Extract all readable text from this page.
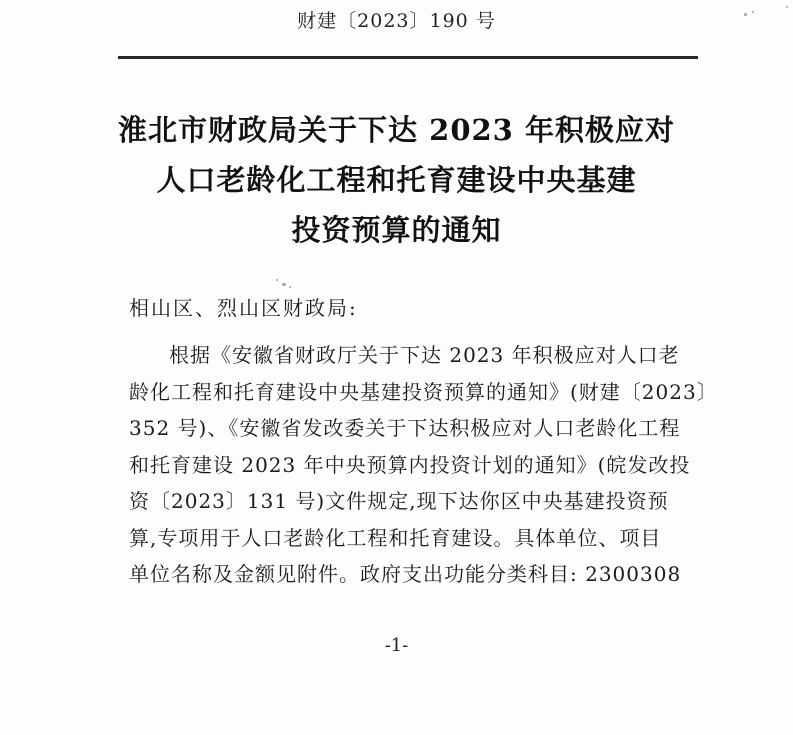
财建〔2023〕190 号
淮北市财政局关于下达 2023 年积极应对
人口老龄化工程和托育建设中央基建
投资预算的通知
相山区、烈山区财政局:
根据《安徽省财政厅关于下达 2023 年积极应对人口老
龄化工程和托育建设中央基建投资预算的通知》(财建〔2023〕
352 号)、《安徽省发改委关于下达积极应对人口老龄化工程
和托育建设 2023 年中央预算内投资计划的通知》(皖发改投
资〔2023〕131 号)文件规定,现下达你区中央基建投资预
算,专项用于人口老龄化工程和托育建设。具体单位、项目
单位名称及金额见附件。政府支出功能分类科目: 2300308
-1-
